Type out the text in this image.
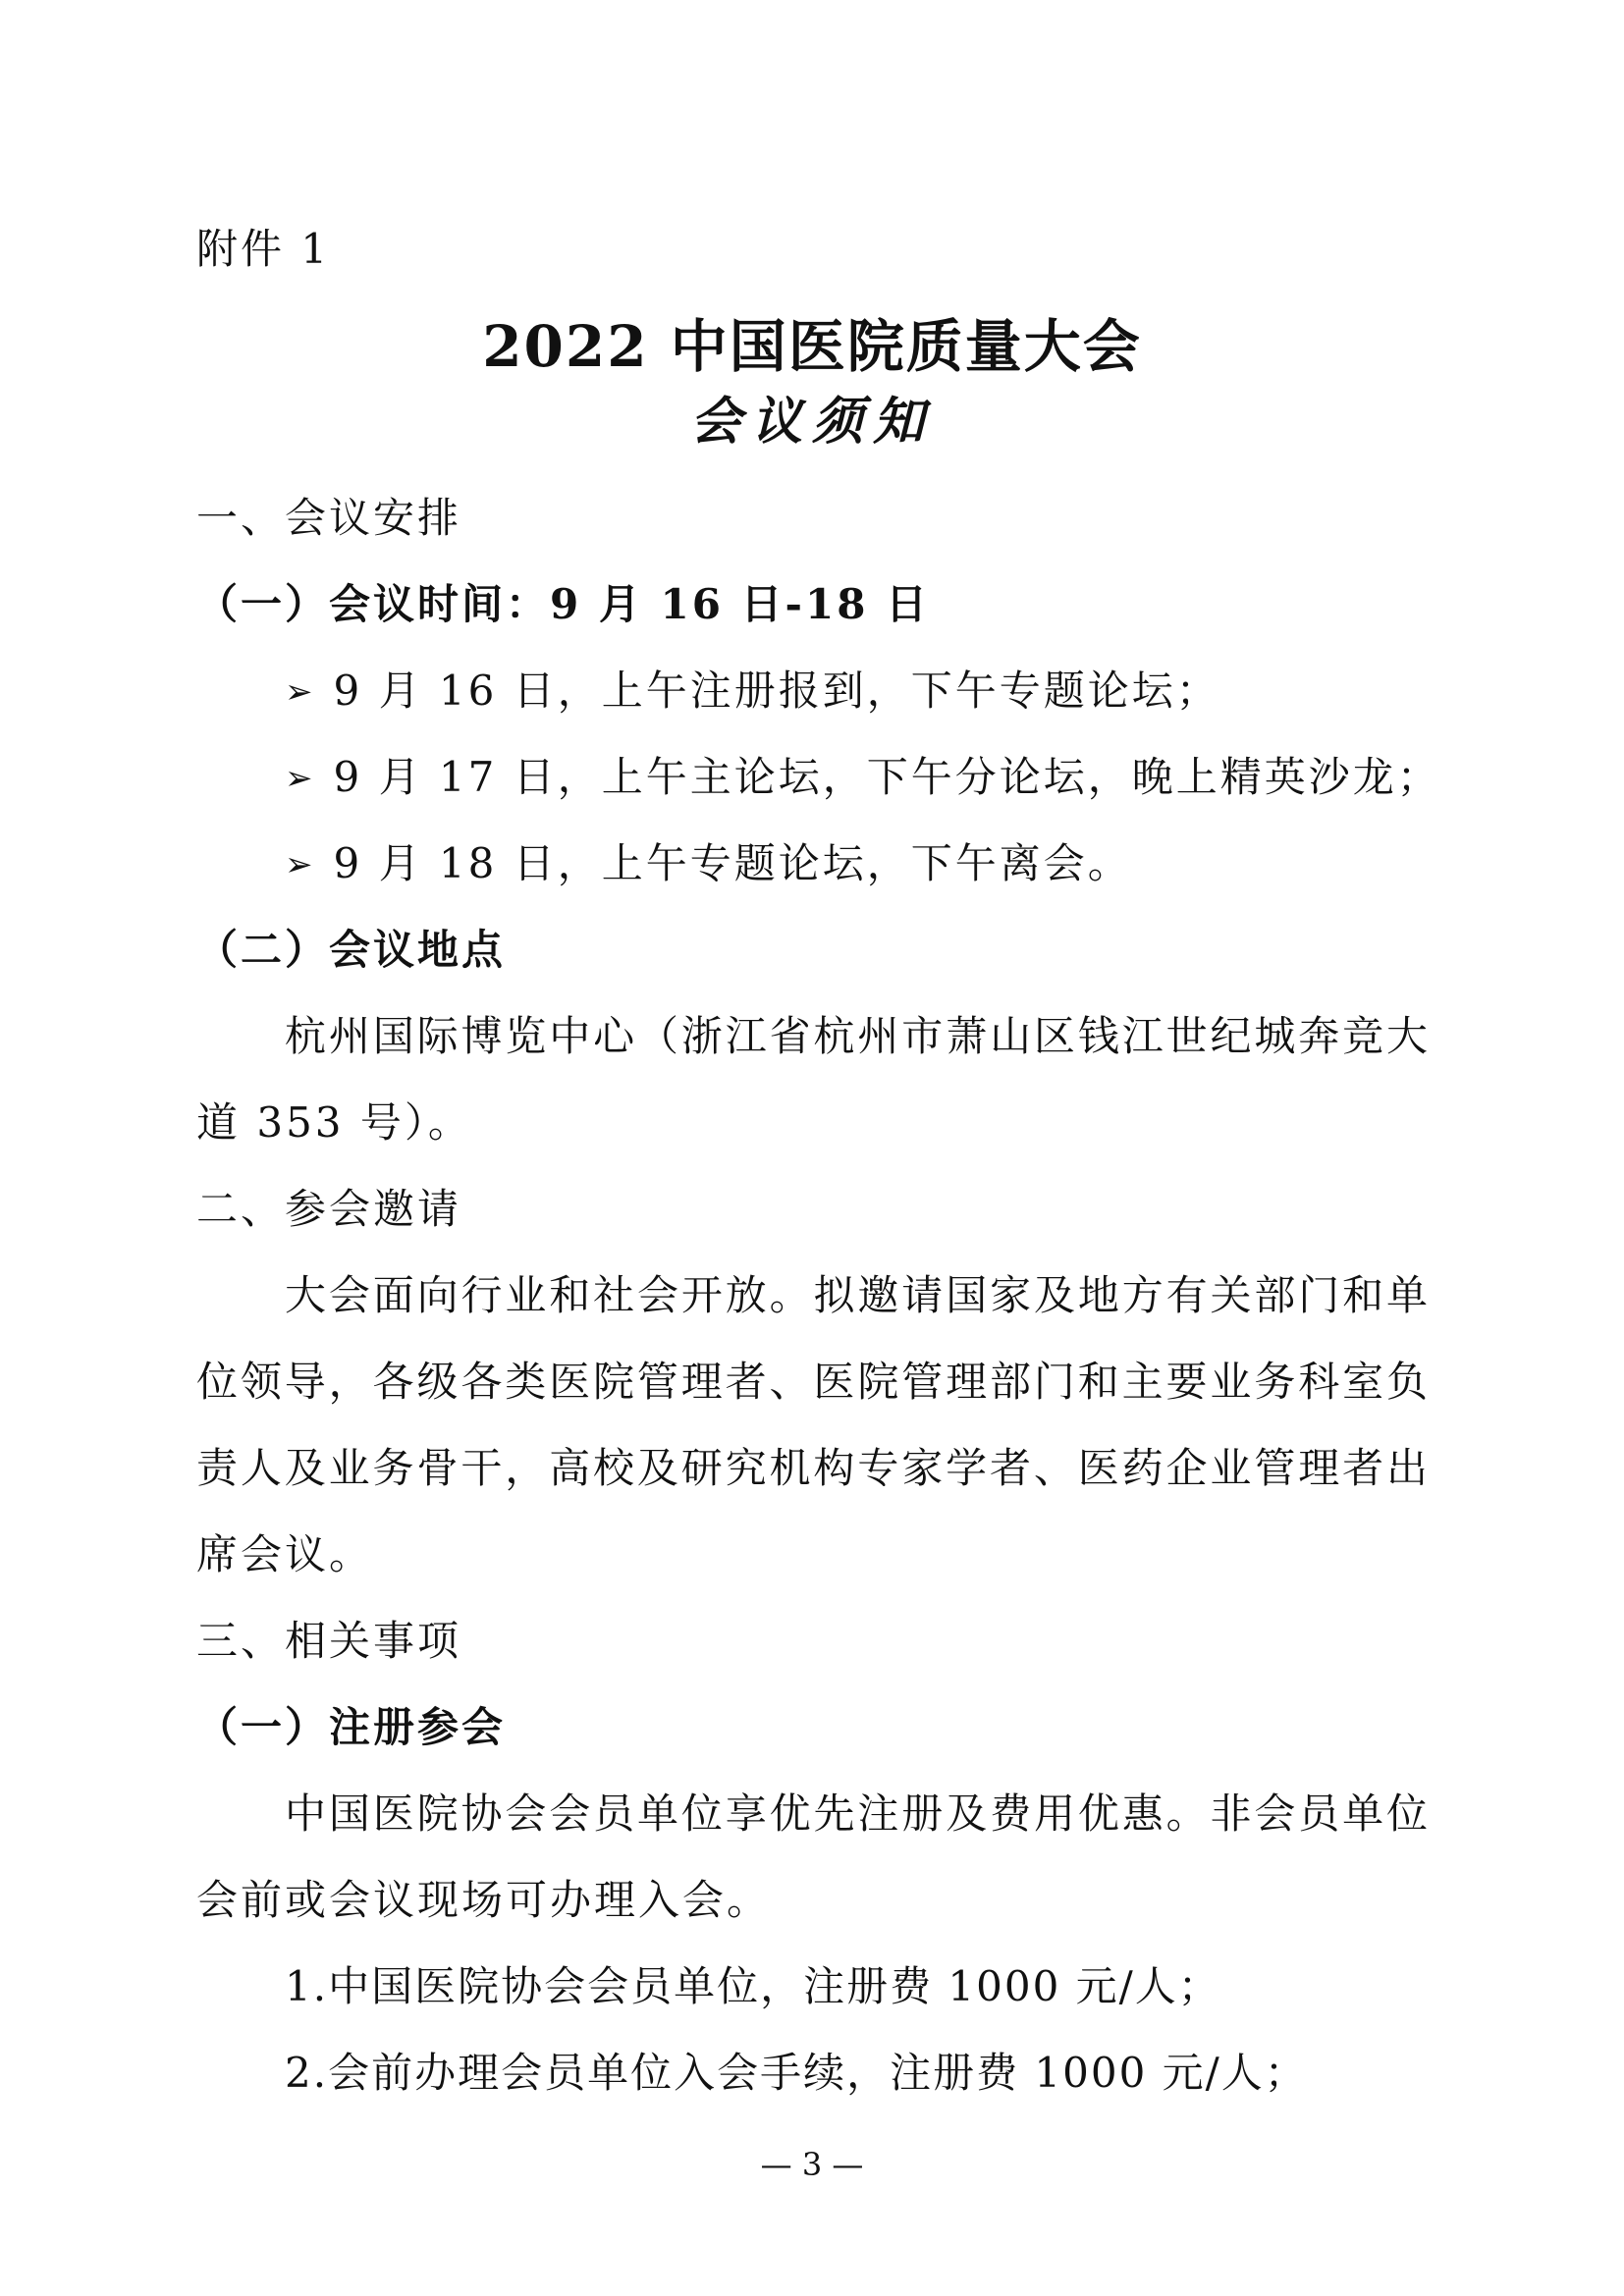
附件 1
2022 中国医院质量大会
会议须知
一、会议安排
（一）会议时间：9 月 16 日-18 日
➢ 9 月 16 日，上午注册报到，下午专题论坛；
➢ 9 月 17 日，上午主论坛，下午分论坛，晚上精英沙龙；
➢ 9 月 18 日，上午专题论坛，下午离会。
（二）会议地点
杭州国际博览中心（浙江省杭州市萧山区钱江世纪城奔竞大
道 353 号）。
二、参会邀请
大会面向行业和社会开放。拟邀请国家及地方有关部门和单
位领导，各级各类医院管理者、医院管理部门和主要业务科室负
责人及业务骨干，高校及研究机构专家学者、医药企业管理者出
席会议。
三、相关事项
（一）注册参会
中国医院协会会员单位享优先注册及费用优惠。非会员单位
会前或会议现场可办理入会。
1.中国医院协会会员单位，注册费 1000 元/人；
2.会前办理会员单位入会手续，注册费 1000 元/人；
— 3 —
